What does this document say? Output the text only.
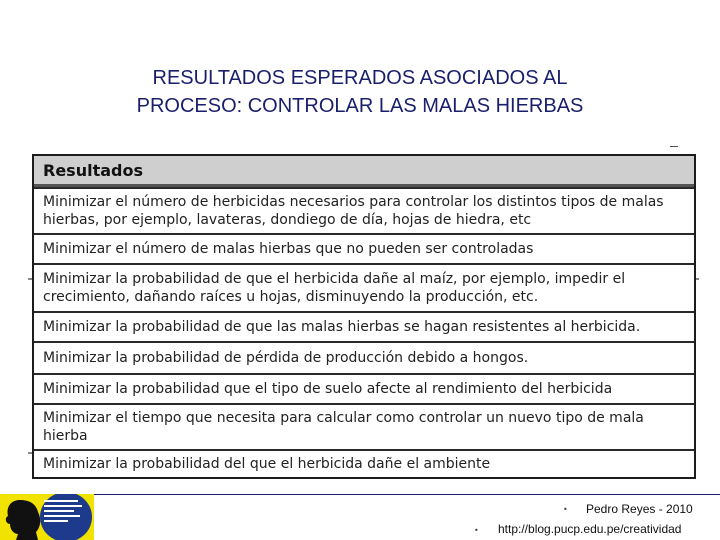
RESULTADOS ESPERADOS ASOCIADOS AL
PROCESO: CONTROLAR LAS MALAS HIERBAS
Resultados
Minimizar el número de herbicidas necesarios para controlar los distintos tipos de malas hierbas, por ejemplo, lavateras, dondiego de día, hojas de hiedra, etc
Minimizar el número de malas hierbas que no pueden ser controladas
Minimizar la probabilidad de que el herbicida dañe al maíz, por ejemplo, impedir el crecimiento, dañando raíces u hojas, disminuyendo la producción, etc.
Minimizar la probabilidad de que las malas hierbas se hagan resistentes al herbicida.
Minimizar la probabilidad de pérdida de producción debido a hongos.
Minimizar la probabilidad que el tipo de suelo afecte al rendimiento del herbicida
Minimizar el tiempo que necesita para calcular como controlar un nuevo tipo de mala hierba
Minimizar la probabilidad del que el herbicida dañe el ambiente
• Pedro Reyes - 2010
• http://blog.pucp.edu.pe/creatividad
